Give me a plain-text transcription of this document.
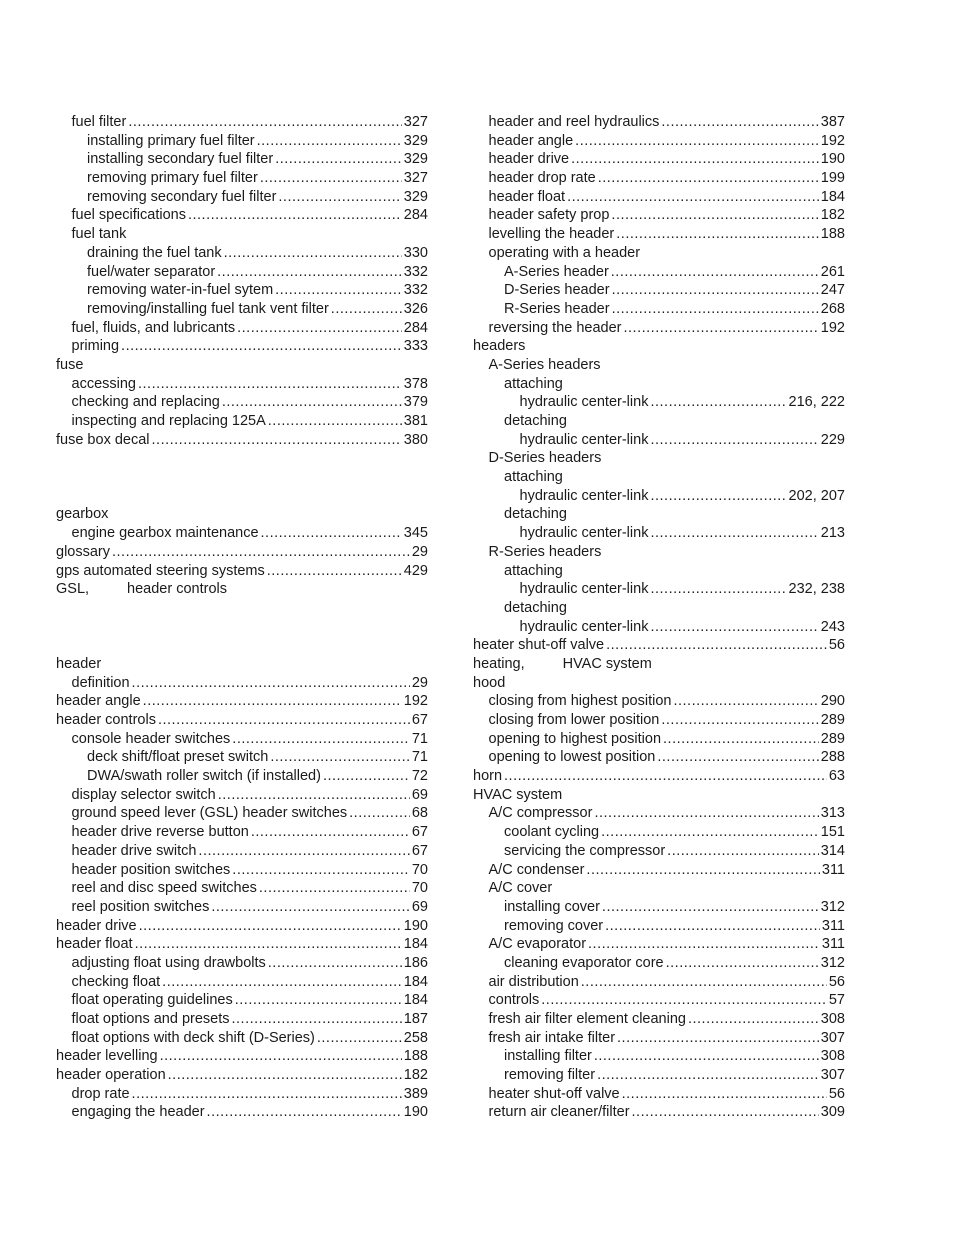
fuel filter .....	327
installing primary fuel filter .....	329
installing secondary fuel filter .....	329
removing primary fuel filter .....	327
removing secondary fuel filter .....	329
fuel specifications .....	284
fuel tank
draining the fuel tank .....	330
fuel/water separator .....	332
removing water-in-fuel sytem .....	332
removing/installing fuel tank vent filter .....	326
fuel, fluids, and lubricants .....	284
priming .....	333
fuse
accessing .....	378
checking and replacing .....	379
inspecting and replacing 125A .....	381
fuse box decal .....	380
gearbox
engine gearbox maintenance .....	345
glossary .....	29
gps automated steering systems .....	429
GSL,	header controls
header
definition .....	29
header angle .....	192
header controls .....	67
console header switches .....	71
deck shift/float preset switch .....	71
DWA/swath roller switch (if installed) .....	72
display selector switch .....	69
ground speed lever (GSL) header switches .....	68
header drive reverse button .....	67
header drive switch .....	67
header position switches .....	70
reel and disc speed switches .....	70
reel position switches .....	69
header drive .....	190
header float .....	184
adjusting float using drawbolts .....	186
checking float .....	184
float operating guidelines .....	184
float options and presets .....	187
float options with deck shift (D-Series) .....	258
header levelling .....	188
header operation .....	182
drop rate .....	389
engaging the header .....	190
header and reel hydraulics .....	387
header angle .....	192
header drive .....	190
header drop rate .....	199
header float .....	184
header safety prop .....	182
levelling the header .....	188
operating with a header
A-Series header .....	261
D-Series header .....	247
R-Series header .....	268
reversing the header .....	192
headers
A-Series headers
attaching
hydraulic center-link .....	216, 222
detaching
hydraulic center-link .....	229
D-Series headers
attaching
hydraulic center-link .....	202, 207
detaching
hydraulic center-link .....	213
R-Series headers
attaching
hydraulic center-link .....	232, 238
detaching
hydraulic center-link .....	243
heater shut-off valve .....	56
heating,	HVAC system
hood
closing from highest position .....	290
closing from lower position .....	289
opening to highest position .....	289
opening to lowest position .....	288
horn .....	63
HVAC system
A/C compressor .....	313
coolant cycling .....	151
servicing the compressor .....	314
A/C condenser .....	311
A/C cover
installing cover .....	312
removing cover .....	311
A/C evaporator .....	311
cleaning evaporator core .....	312
air distribution .....	56
controls .....	57
fresh air filter element cleaning .....	308
fresh air intake filter .....	307
installing filter .....	308
removing filter .....	307
heater shut-off valve .....	56
return air cleaner/filter .....	309
